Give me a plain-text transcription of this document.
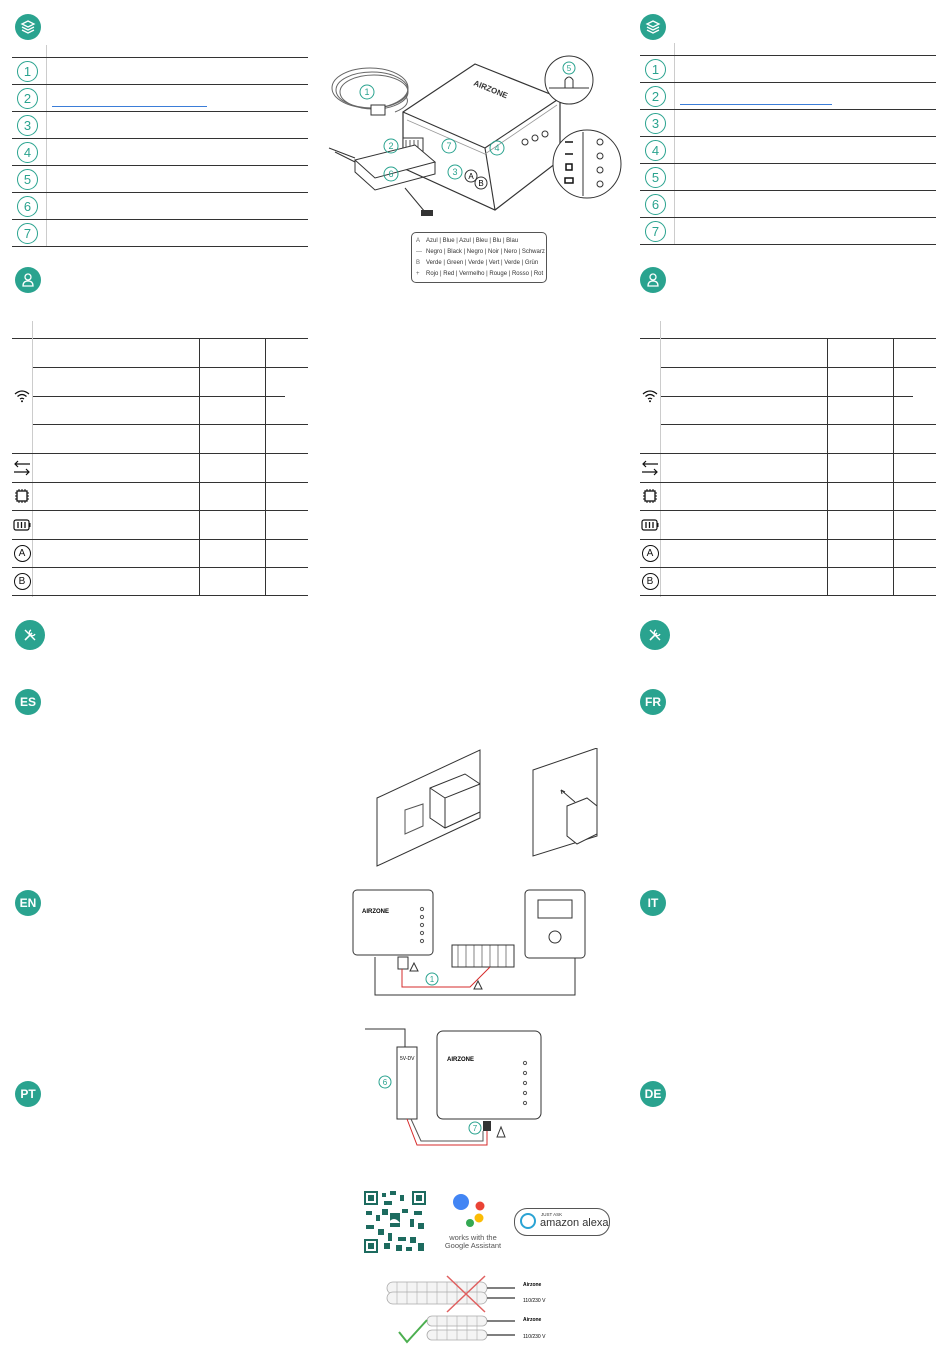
1
2
3
4
5
6
7
A
B
ES
EN
PT
1
2
3
4
5
6
7
A
B
FR
IT
DE
AIRZONE
1
2
3
4
6
7
A
B
5
A Azul | Blue | Azul | Bleu | Blu | Blau
— Negro | Black | Negro | Noir | Nero | Schwarz
B Verde | Green | Verde | Vert | Verde | Grün
+ Rojo | Red | Vermelho | Rouge | Rosso | Rot
AIRZONE
1
5V-DV
6
AIRZONE
7
works with the
Google Assistant
JUST ASK
amazon alexa
Airzone
110/230 V
Airzone
110/230 V
